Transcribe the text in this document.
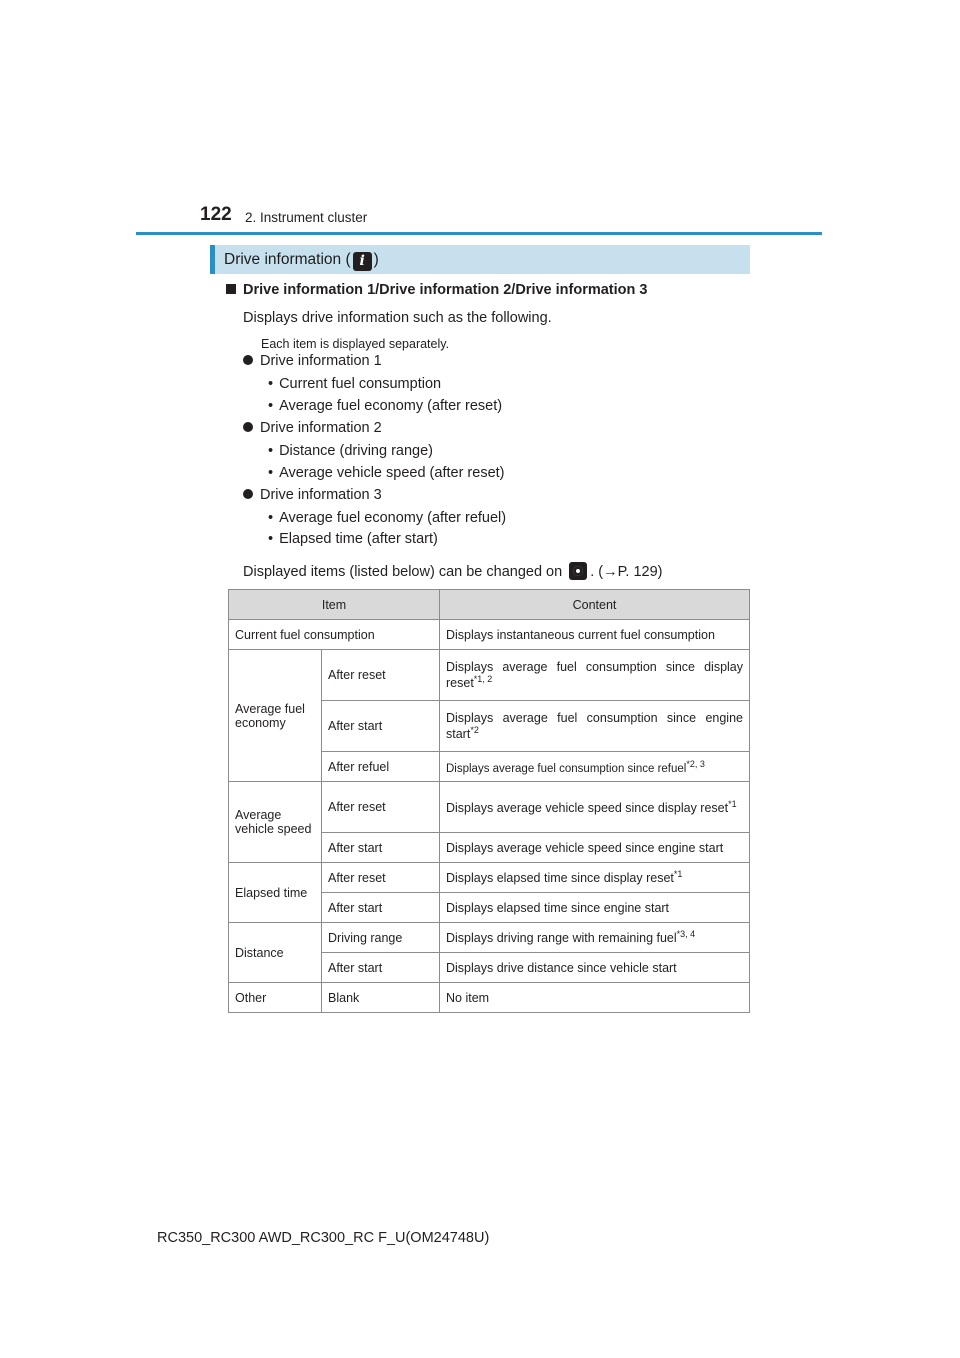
122 2. Instrument cluster
Drive information ( i )
Drive information 1/Drive information 2/Drive information 3
Displays drive information such as the following.
Each item is displayed separately.
Drive information 1
• Current fuel consumption
• Average fuel economy (after reset)
Drive information 2
• Distance (driving range)
• Average vehicle speed (after reset)
Drive information 3
• Average fuel economy (after refuel)
• Elapsed time (after start)
Displayed items (listed below) can be changed on . (→P. 129)
Item		Content
Current fuel consumption		Displays instantaneous current fuel consumption
Average fuel economy	After reset	Displays average fuel consumption since display reset$^{*1, 2}$
	After start	Displays average fuel consumption since engine start$^{*2}$
	After refuel	Displays average fuel consumption since refuel$^{*2, 3}$
Average vehicle speed	After reset	Displays average vehicle speed since display reset$^{*1}$
	After start	Displays average vehicle speed since engine start
Elapsed time	After reset	Displays elapsed time since display reset$^{*1}$
	After start	Displays elapsed time since engine start
Distance	Driving range	Displays driving range with remaining fuel$^{*3, 4}$
	After start	Displays drive distance since vehicle start
Other	Blank	No item
RC350_RC300 AWD_RC300_RC F_U(OM24748U)
